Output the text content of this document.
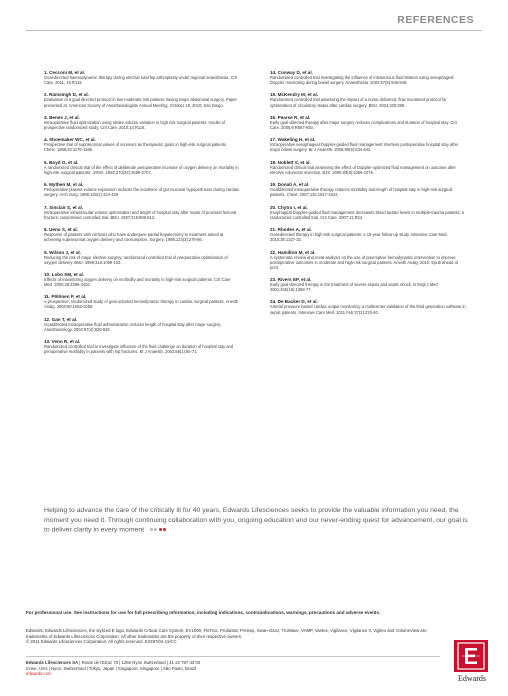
REFERENCES
1. Cecconi M, et al.
Goal-directed haemodynamic therapy during elective total hip arthroplasty under regional anaesthesia. Crit Care. 2011; 15:R132
2. Ramsingh D, et al.
Evaluation of a goal directed protocol in low-moderate risk patients having major abdominal surgery. Paper presented at: American Society of Anesthesiologists Annual Meeting; October 18, 2010; San Diego.
3. Benes J, et al.
Intraoperative fluid optimization using stroke volume variation in high risk surgical patients: results of prospective randomized study. Crit Care. 2010;14:R118.
4. Shoemaker WC, et al.
Prospective trial of supranormal values of survivors as therapeutic goals in high-risk surgical patients. Chest. 1988;23:1176-1186.
5. Boyd O, et al.
A randomized clinical trial of the effect of deliberate perioperative increase of oxygen delivery on mortality in high-risk surgical patients. JAMA. 1993;270(22):2699-2707.
6. Mythen M, et al.
Perioperative plasma volume expansion reduces the incidence of gut mucosal hypoperfusion during cardiac surgery. Arch Surg. 1995;130(4):423-429.
7. Sinclair S, et al.
Intraoperative intravascular volume optimization and length of hospital stay after repair of proximal femoral fracture: randomised controlled trial. BMJ. 1997;315:909-912.
8. Ueno S, et al.
Response of patients with cirrhosis who have undergone partial hepatectomy to treatment aimed at achieving supranormal oxygen delivery and consumption. Surgery. 1998;123(3):278-86.
9. Wilson J, et al.
Reducing the risk of major elective surgery: randomised controlled trial of preoperative optimisation of oxygen delivery. BMJ. 1999;318:1099-103.
10. Lobo SM, et al.
Effects of maximizing oxygen delivery on morbidity and mortality in high-risk surgical patients. Crit Care Med. 2000;28:3396-3404.
11. Pölönen P, et al.
A prospective, randomized study of goal-oriented hemodynamic therapy in cardiac surgical patients. Anesth Analg. 2000;90:1052-1059.
12. Gan T, et al.
Goaldirected intraoperative fluid administration reduces length of hospital stay after major surgery. Anesthesiology. 2002;97(4):820-826.
13. Venn R, et al.
Randomized controlled trial to investigate influence of the fluid challenge on duration of hospital stay and perioperative morbidity in patients with hip fractures. Br J Anaesth. 2002;88(1):65-71.
14. Conway D, et al.
Randomised controlled trial investigating the influence of intravenous fluid titration using oesophageal Doppler monitoring during bowel surgery. Anaesthesia. 2002;57(9):845-849.
15. McKendry M, et al.
Randomised controlled trial assessing the impact of a nurse delivered, flow monitored protocol for optimization of circulatory status after cardiac surgery. BMJ. 2004;329:358.
16. Pearse R, et al.
Early goal-directed therapy after major surgery reduces complications and duration of hospital stay. Crit Care. 2005;9:R687-693.
17. Wakeling H, et al.
Intraoperative oesophageal Doppler-guided fluid management shortens postoperative hospital stay after major bowel surgery. Br J Anaesth. 2005;95(5):634-642.
18. Noblett S, et al.
Randomized clinical trial assessing the effect of Doppler-optimized fluid management on outcome after elective colorectal resection. BJS. 2006;93(9):1069-1076.
19. Donati A, et al.
Goaldirected intraoperative therapy reduces morbidity and length of hospital stay in high-risk surgical patients. Chest. 2007;132:1817-1824.
20. Chytra I, et al.
Esophageal Doppler-guided fluid management decreases blood lactate levels in multiple-trauma patients; a randomized controlled trial. Crit Care. 2007;11:R24.
21. Rhodes A, et al.
Goal-directed therapy in high-risk surgical patients: a 15-year follow-up study. Intensive Care Med. 2010;36:1327-32.
22. Hamilton M, et al.
A systematic review and meta-analysis on the use of preemptive hemodynamic intervention to improve postoperative outcomes in moderate and high-risk surgical patients. Anesth Analg. 2010; Epub ahead of print.
23. Rivers EP, et al.
Early goal-directed therapy in the treatment of severe sepsis and septic shock. N Engl J Med 2001;345(19):1368-77.
24. De Backer D, et al.
Arterial pressure-based cardiac output monitoring: a multicenter validation of the third generation software in septic patients. Intensive Care Med. 2011 Feb;37(2):233-40.
Helping to advance the care of the critically ill for 40 years, Edwards Lifesciences seeks to provide the valuable information you need, the moment you need it. Through continuing collaboration with you, ongoing education and our never-ending quest for advancement, our goal is to deliver clarity in every moment
For professional use. See instructions for use for full prescribing information, including indications, contraindications, warnings, precautions and adverse events.
Edwards, Edwards Lifesciences, the stylized E logo, Edwards Critical Care System, EV1000, FloTrac, PediaSat, PreSep, Swan-Ganz, TruWave, VAMP, Vantex, Vigilance, Vigilance II, Vigileo and VolumeView are trademarks of Edwards Lifesciences Corporation. All other trademarks are the property of their respective owners.
© 2011 Edwards Lifesciences Corporation. All rights reserved. E2387/04-11/CC
Edwards Lifesciences SA | Route de l'Etraz 70 | 1260 Nyon Switzerland | 41 22 787 43 00
Irvine, USA | Nyon, Switzerland | Tokyo, Japan | Singapore, Singapore | São Paulo, Brazil
edwards.com
Edwards
